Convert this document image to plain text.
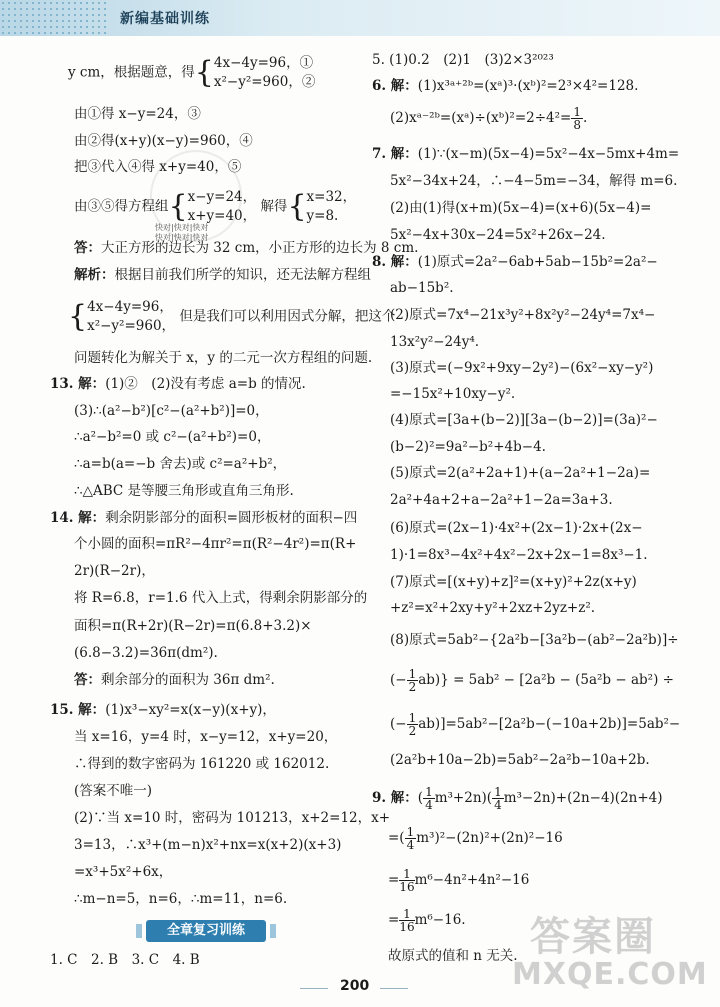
新编基础训练
快对|快对|快对
快对|快对|快对
y cm，根据题意，得{4x−4y=96，①
x²−y²=960，②
由①得 x−y=24，③
由②得(x+y)(x−y)=960，④
把③代入④得 x+y=40，⑤
由③⑤得方程组{x−y=24，
x+y=40， 解得{x=32，
y=8.
答：大正方形的边长为 32 cm，小正方形的边长为 8 cm.
解析：根据目前我们所学的知识，还无法解方程组
{4x−4y=96，
x²−y²=960， 但是我们可以利用因式分解，把这个
问题转化为解关于 x，y 的二元一次方程组的问题.
13. 解：(1)②　(2)没有考虑 a=b 的情况.
(3)∴(a²−b²)[c²−(a²+b²)]=0，
∴a²−b²=0 或 c²−(a²+b²)=0，
∴a=b(a=−b 舍去)或 c²=a²+b²，
∴△ABC 是等腰三角形或直角三角形.
14. 解：剩余阴影部分的面积=圆形板材的面积−四
个小圆的面积=πR²−4πr²=π(R²−4r²)=π(R+
2r)(R−2r)，
将 R=6.8，r=1.6 代入上式，得剩余阴影部分的
面积=π(R+2r)(R−2r)=π(6.8+3.2)×
(6.8−3.2)=36π(dm²).
答：剩余部分的面积为 36π dm².
15. 解：(1)x³−xy²=x(x−y)(x+y)，
当 x=16，y=4 时，x−y=12，x+y=20，
∴得到的数字密码为 161220 或 162012.
(答案不唯一)
(2)∵当 x=10 时，密码为 101213，x+2=12，x+
3=13，∴x³+(m−n)x²+nx=x(x+2)(x+3)
=x³+5x²+6x，
∴m−n=5，n=6，∴m=11，n=6.
全章复习训练
1. C　2. B　3. C　4. B
5. (1)0.2　(2)1　(3)2×3²⁰²³
6. 解：(1)x³ᵃ⁺²ᵇ=(xᵃ)³·(xᵇ)²=2³×4²=128.
(2)xᵃ⁻²ᵇ=(xᵃ)÷(xᵇ)²=2÷4²= $\frac{1}{8}$ .
7. 解：(1)∵(x−m)(5x−4)=5x²−4x−5mx+4m=
5x²−34x+24，∴−4−5m=−34，解得 m=6.
(2)由(1)得(x+m)(5x−4)=(x+6)(5x−4)=
5x²−4x+30x−24=5x²+26x−24.
8. 解：(1)原式=2a²−6ab+5ab−15b²=2a²−
ab−15b².
(2)原式=7x⁴−21x³y²+8x²y²−24y⁴=7x⁴−
13x²y²−24y⁴.
(3)原式=(−9x²+9xy−2y²)−(6x²−xy−y²)
=−15x²+10xy−y².
(4)原式=[3a+(b−2)][3a−(b−2)]=(3a)²−
(b−2)²=9a²−b²+4b−4.
(5)原式=2(a²+2a+1)+(a−2a²+1−2a)=
2a²+4a+2+a−2a²+1−2a=3a+3.
(6)原式=(2x−1)·4x²+(2x−1)·2x+(2x−
1)·1=8x³−4x²+4x²−2x+2x−1=8x³−1.
(7)原式=[(x+y)+z]²=(x+y)²+2z(x+y)
+z²=x²+2xy+y²+2xz+2yz+z².
(8)原式=5ab²−{2a²b−[3a²b−(ab²−2a²b)]÷
(− $\frac{1}{2} ab)\} = 5ab^2 - [2a^2b - (5a^2b - ab^2)$ ÷
(− $\frac{1}{2} ab)]=5ab^2-[2a^2b-(-10a+2b)]=5ab^2-$
(2a²b+10a−2b)=5ab²−2a²b−10a+2b.
9. 解：( $\frac{1}{4} m^3+2n)( \frac{1}{4} m^3-2n)+(2n-4)(2n+4)$
=( $\frac{1}{4} m^3)^2-(2n)^2+(2n)^2-16$
= $\frac{1}{16} m^6-4n^2+4n^2-16$
= $\frac{1}{16} m^6-16$.
故原式的值和 n 无关. 答案圈
MXQE.COM
200
